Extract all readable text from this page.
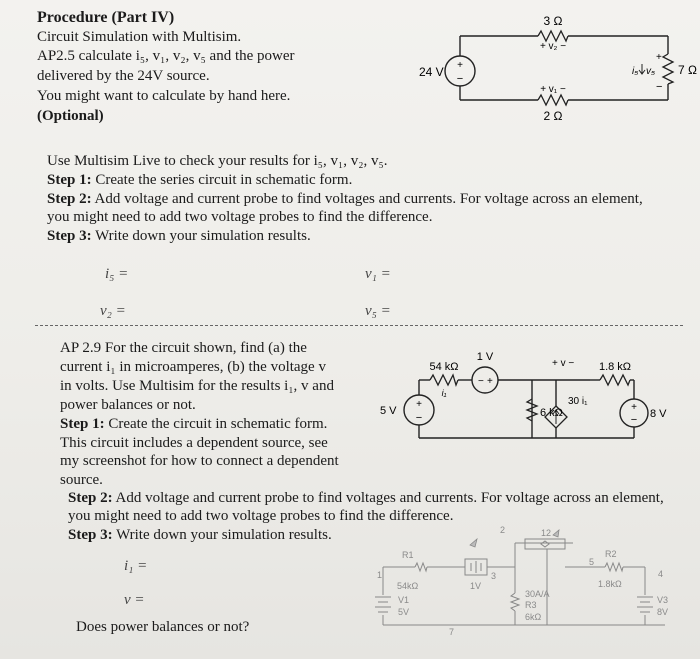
Procedure (Part IV)
Circuit Simulation with Multisim.
AP2.5 calculate i₅, v₁, v₂, v₅ and the power
delivered by the 24V source.
You might want to calculate by hand here.
(Optional)
+
−
24 V
3 Ω
+ v₂ −
+ v₁ −
2 Ω
7 Ω
v₅
+
−
i₅
Use Multisim Live to check your results for i₅, v₁, v₂, v₅.
Step 1: Create the series circuit in schematic form.
Step 2: Add voltage and current probe to find voltages and currents. For voltage across an element,
you might need to add two voltage probes to find the difference.
Step 3: Write down your simulation results.
i₅ =	v₁ =
v₂ =	v₅ =
AP 2.9 For the circuit shown, find (a) the
current i₁ in microamperes, (b) the voltage v
in volts. Use Multisim for the results i₁, v and
power balances or not.
Step 1: Create the circuit in schematic form.
This circuit includes a dependent source, see
my screenshot for how to connect a dependent
source.
+
−
5 V
54 kΩ
i₁
− +
1 V
30 i₁
+ v −
6 kΩ
1.8 kΩ
+
− 8 V
Step 2: Add voltage and current probe to find voltages and currents. For voltage across an element,
you might need to add two voltage probes to find the difference.
Step 3: Write down your simulation results.
i₁ =
v =
Does power balances or not?
R1
54kΩ
V1
5V
1V
30A/A
R3
6kΩ
R2
1.8kΩ
V3
8V
1
2
3	4
5
7
12
